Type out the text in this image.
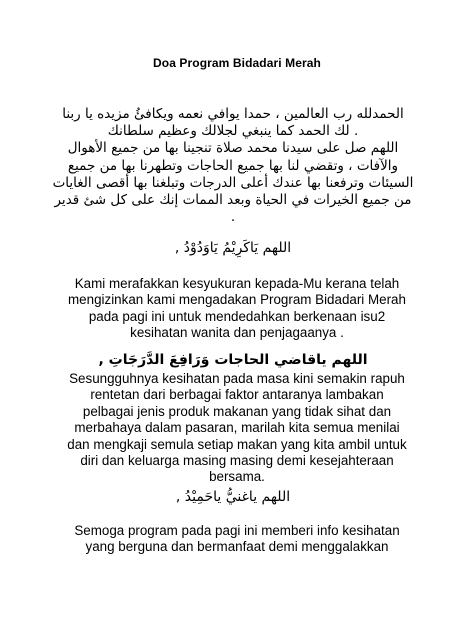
Doa Program Bidadari Merah
الحمدلله رب العالمين ، حمدا يوافي نعمه ويكافئُ مزيده يا ربنا
. لك الحمد كما ينبغي لجلالك وعظيم سلطانك
اللهم صل على سيدنا محمد صلاة تنجينا بها من جميع الأهوال
والآفات ، وتقضي لنا بها جميع الحاجات وتطهرنا بها من جميع
السيئات وترفعنا بها عندك أعلى الدرجات وتبلغنا بها أقصى الغايات
من جميع الخيرات في الحياة وبعد الممات إنك على كل شئ قدير
.
اللهم يَاكَرِيْمُ يَاوَدُوْدُ ,
Kami merafakkan kesyukuran kepada-Mu kerana telah
mengizinkan kami mengadakan Program Bidadari Merah
pada pagi ini untuk mendedahkan berkenaan isu2
kesihatan wanita dan penjagaanya .
اللهم ياقاضي الحاجات وَرَافِعَ الدَّرَجَاتِ ,
Sesungguhnya kesihatan pada masa kini semakin rapuh
rentetan dari berbagai faktor antaranya lambakan
pelbagai jenis produk makanan yang tidak sihat dan
merbahaya dalam pasaran, marilah kita semua menilai
dan mengkaji semula setiap makan yang kita ambil untuk
diri dan keluarga masing masing demi kesejahteraan
bersama.
اللهم ياغنيُّ ياحَمِيْدُ ,
Semoga program pada pagi ini memberi info kesihatan
yang berguna dan bermanfaat demi menggalakkan
